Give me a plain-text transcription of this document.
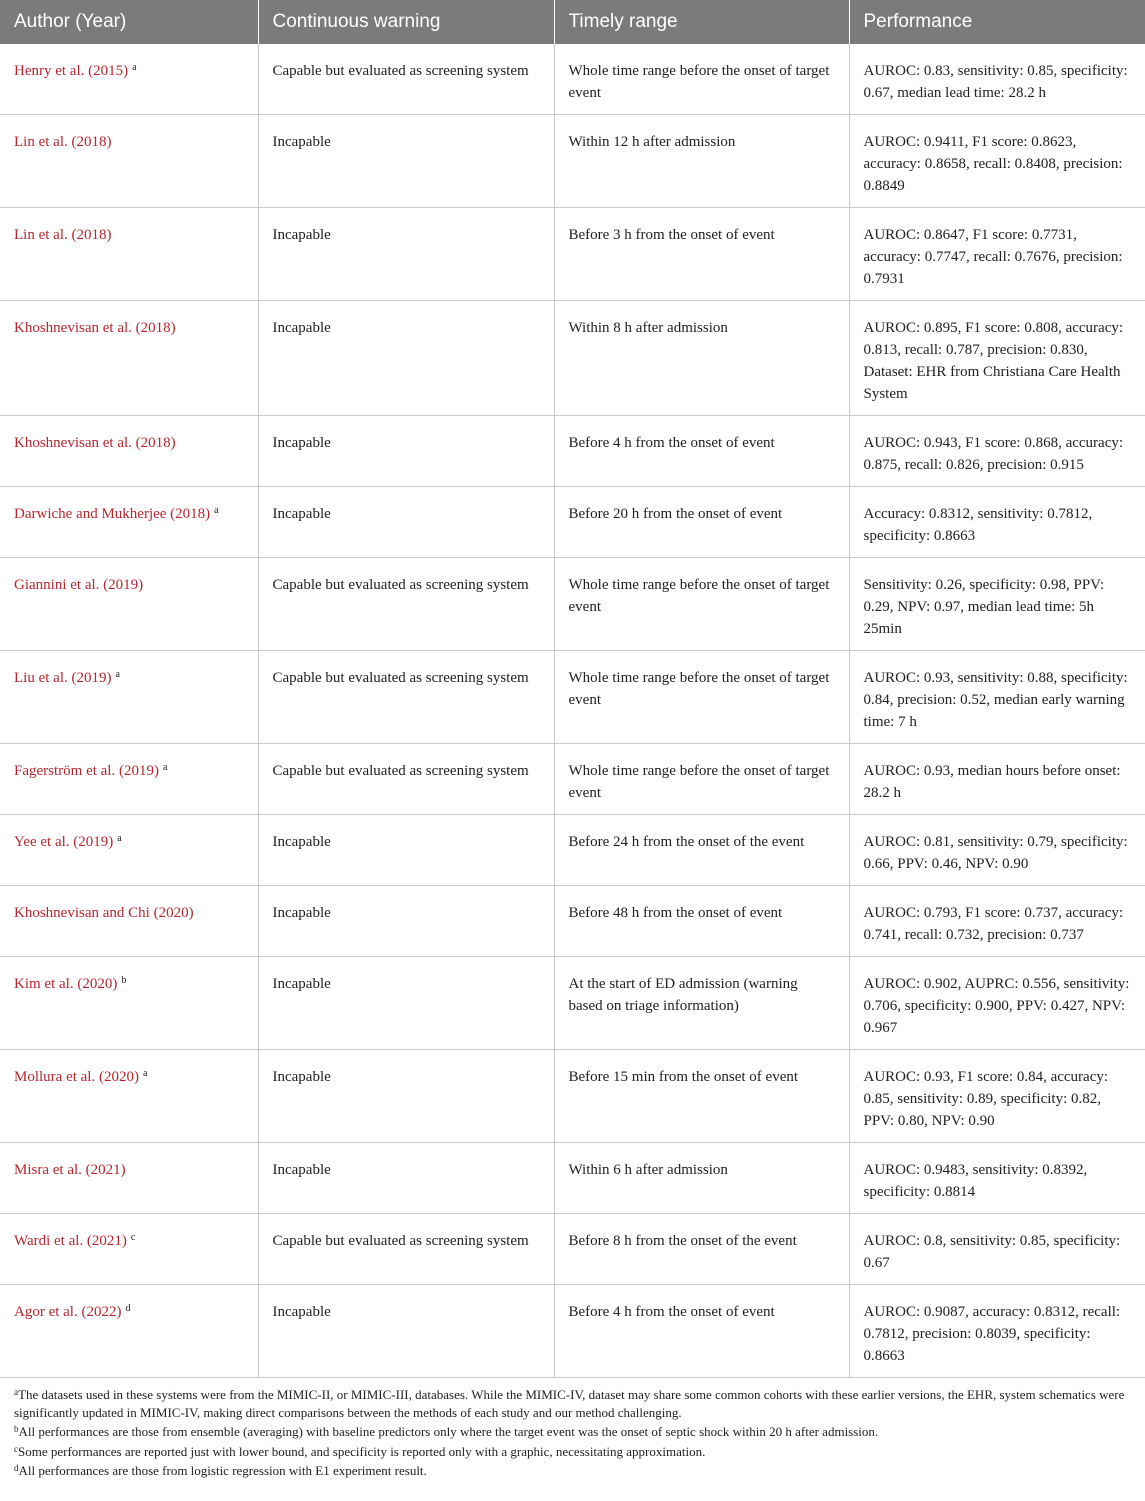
Author (Year)	Continuous warning	Timely range	Performance
Henry et al. (2015) $^a$	Capable but evaluated as screening system	Whole time range before the onset of target event	AUROC: 0.83, sensitivity: 0.85, specificity: 0.67, median lead time: 28.2 h
Lin et al. (2018)	Incapable	Within 12 h after admission	AUROC: 0.9411, F1 score: 0.8623, accuracy: 0.8658, recall: 0.8408, precision: 0.8849
Lin et al. (2018)	Incapable	Before 3 h from the onset of event	AUROC: 0.8647, F1 score: 0.7731, accuracy: 0.7747, recall: 0.7676, precision: 0.7931
Khoshnevisan et al. (2018)	Incapable	Within 8 h after admission	AUROC: 0.895, F1 score: 0.808, accuracy: 0.813, recall: 0.787, precision: 0.830, Dataset: EHR from Christiana Care Health System
Khoshnevisan et al. (2018)	Incapable	Before 4 h from the onset of event	AUROC: 0.943, F1 score: 0.868, accuracy: 0.875, recall: 0.826, precision: 0.915
Darwiche and Mukherjee (2018) $^a$	Incapable	Before 20 h from the onset of event	Accuracy: 0.8312, sensitivity: 0.7812, specificity: 0.8663
Giannini et al. (2019)	Capable but evaluated as screening system	Whole time range before the onset of target event	Sensitivity: 0.26, specificity: 0.98, PPV: 0.29, NPV: 0.97, median lead time: 5h 25min
Liu et al. (2019) $^a$	Capable but evaluated as screening system	Whole time range before the onset of target event	AUROC: 0.93, sensitivity: 0.88, specificity: 0.84, precision: 0.52, median early warning time: 7 h
Fagerström et al. (2019) $^a$	Capable but evaluated as screening system	Whole time range before the onset of target event	AUROC: 0.93, median hours before onset: 28.2 h
Yee et al. (2019) $^a$	Incapable	Before 24 h from the onset of the event	AUROC: 0.81, sensitivity: 0.79, specificity: 0.66, PPV: 0.46, NPV: 0.90
Khoshnevisan and Chi (2020)	Incapable	Before 48 h from the onset of event	AUROC: 0.793, F1 score: 0.737, accuracy: 0.741, recall: 0.732, precision: 0.737
Kim et al. (2020) $^b$	Incapable	At the start of ED admission (warning based on triage information)	AUROC: 0.902, AUPRC: 0.556, sensitivity: 0.706, specificity: 0.900, PPV: 0.427, NPV: 0.967
Mollura et al. (2020) $^a$	Incapable	Before 15 min from the onset of event	AUROC: 0.93, F1 score: 0.84, accuracy: 0.85, sensitivity: 0.89, specificity: 0.82, PPV: 0.80, NPV: 0.90
Misra et al. (2021)	Incapable	Within 6 h after admission	AUROC: 0.9483, sensitivity: 0.8392, specificity: 0.8814
Wardi et al. (2021) $^c$	Capable but evaluated as screening system	Before 8 h from the onset of the event	AUROC: 0.8, sensitivity: 0.85, specificity: 0.67
Agor et al. (2022) $^d$	Incapable	Before 4 h from the onset of event	AUROC: 0.9087, accuracy: 0.8312, recall: 0.7812, precision: 0.8039, specificity: 0.8663
$^a$The datasets used in these systems were from the MIMIC-II, or MIMIC-III, databases. While the MIMIC-IV, dataset may share some common cohorts with these earlier versions, the EHR, system schematics were significantly updated in MIMIC-IV, making direct comparisons between the methods of each study and our method challenging.
$^b$All performances are those from ensemble (averaging) with baseline predictors only where the target event was the onset of septic shock within 20 h after admission.
$^c$Some performances are reported just with lower bound, and specificity is reported only with a graphic, necessitating approximation.
$^d$All performances are those from logistic regression with E1 experiment result.
